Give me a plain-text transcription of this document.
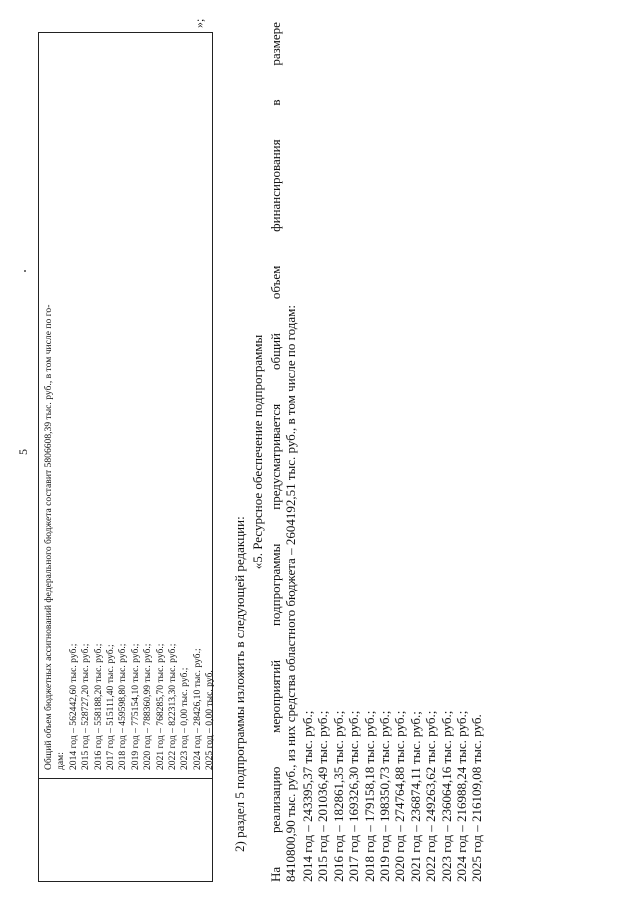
5 Общий объем бюджетных ассигнований федерального бюджета составит 5806608,39 тыс. руб., в том числе по го- дам: 2014 год – 562442,60 тыс. руб.; 2015 год – 528727,20 тыс. руб.; 2016 год – 558188,20 тыс. руб.; 2017 год – 515111,40 тыс. руб.; 2018 год – 459598,80 тыс. руб.; 2019 год – 775154,10 тыс. руб.; 2020 год – 788360,99 тыс. руб.; 2021 год – 768285,70 тыс. руб.; 2022 год – 822313,30 тыс. руб.; 2023 год – 0,00 тыс. руб.; 2024 год – 28426,10 тыс. руб.; 2025 год – 0,00 тыс. руб.
»;
2) раздел 5 подпрограммы изложить в следующей редакции:
«5. Ресурсное обеспечение подпрограммы
На
реализацию
мероприятий
подпрограммы
предусматривается
общий
объем
финансирования
в
размере
8410800,90 тыс. руб., из них средства областного бюджета – 2604192,51 тыс. руб., в том числе по годам: 2014 год – 243395,37 тыс. руб.; 2015 год – 201036,49 тыс. руб.; 2016 год – 182861,35 тыс. руб.; 2017 год – 169326,30 тыс. руб.; 2018 год – 179158,18 тыс. руб.; 2019 год – 198350,73 тыс. руб.; 2020 год – 274764,88 тыс. руб.; 2021 год – 236874,11 тыс. руб.; 2022 год – 249263,62 тыс. руб.; 2023 год – 236064,16 тыс. руб.; 2024 год – 216988,24 тыс. руб.; 2025 год – 216109,08 тыс. руб.
